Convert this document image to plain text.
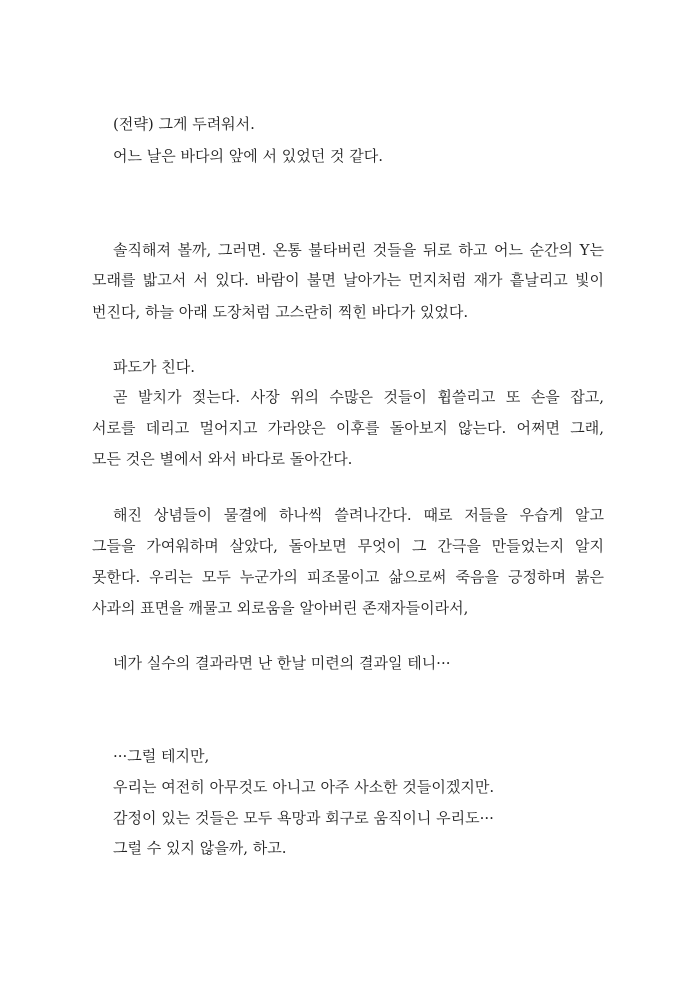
(전략) 그게 두려워서.
어느 날은 바다의 앞에 서 있었던 것 같다.
솔직해져 볼까, 그러면. 온통 불타버린 것들을 뒤로 하고 어느 순간의 Y는
모래를 밟고서 서 있다. 바람이 불면 날아가는 먼지처럼 재가 흩날리고 빛이
번진다, 하늘 아래 도장처럼 고스란히 찍힌 바다가 있었다.
파도가 친다.
곧 발치가 젖는다. 사장 위의 수많은 것들이 휩쓸리고 또 손을 잡고,
서로를 데리고 멀어지고 가라앉은 이후를 돌아보지 않는다. 어쩌면 그래,
모든 것은 별에서 와서 바다로 돌아간다.
해진 상념들이 물결에 하나씩 쓸려나간다. 때로 저들을 우습게 알고
그들을 가여워하며 살았다, 돌아보면 무엇이 그 간극을 만들었는지 알지
못한다. 우리는 모두 누군가의 피조물이고 삶으로써 죽음을 긍정하며 붉은
사과의 표면을 깨물고 외로움을 알아버린 존재자들이라서,
네가 실수의 결과라면 난 한날 미련의 결과일 테니···
···그럴 테지만,
우리는 여전히 아무것도 아니고 아주 사소한 것들이겠지만.
감정이 있는 것들은 모두 욕망과 회구로 움직이니 우리도···
그럴 수 있지 않을까, 하고.
